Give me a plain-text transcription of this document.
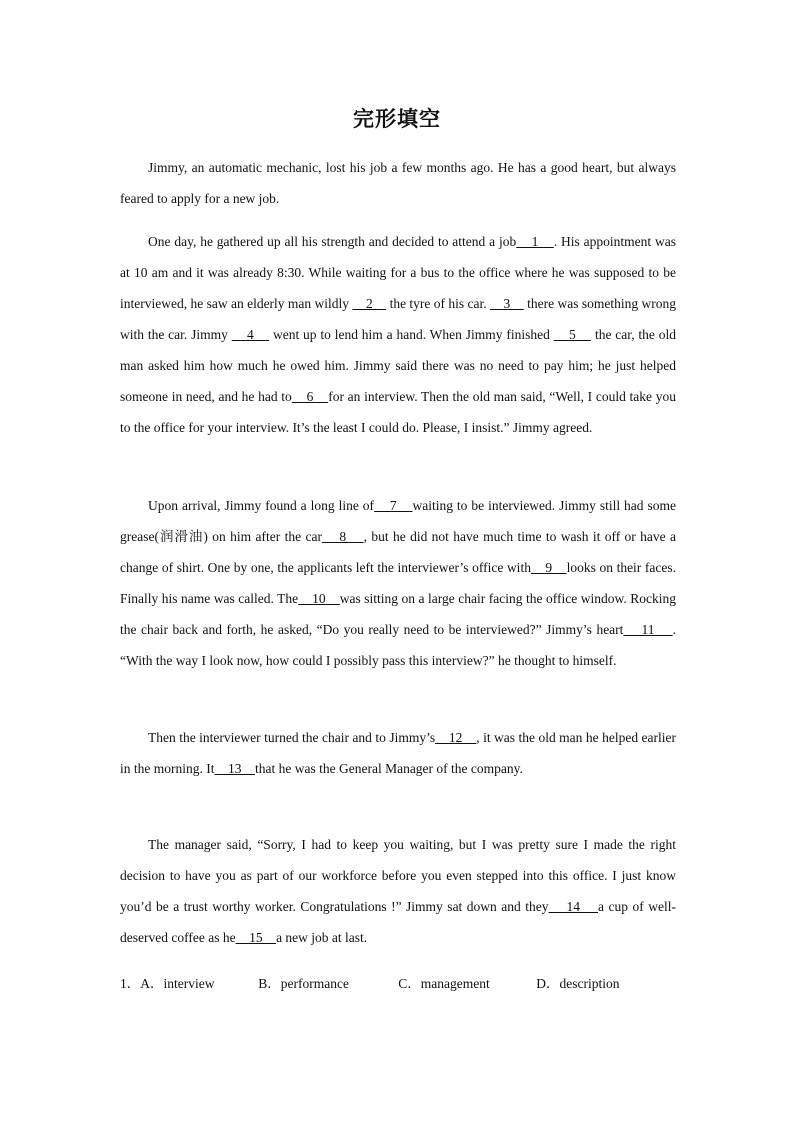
完形填空
Jimmy, an automatic mechanic, lost his job a few months ago. He has a good heart, but always feared to apply for a new job.
One day, he gathered up all his strength and decided to attend a job    1    . His appointment was at 10 am and it was already 8:30. While waiting for a bus to the office where he was supposed to be interviewed, he saw an elderly man wildly     2     the tyre of his car.     3     there was something wrong with the car. Jimmy     4     went up to lend him a hand. When Jimmy finished     5     the car, the old man asked him how much he owed him. Jimmy said there was no need to pay him; he just helped someone in need, and he had to    6    for an interview. Then the old man said, “Well, I could take you to the office for your interview. It’s the least I could do. Please, I insist.” Jimmy agreed.
Upon arrival, Jimmy found a long line of    7    waiting to be interviewed. Jimmy still had some grease(润滑油) on him after the car    8    , but he did not have much time to wash it off or have a change of shirt. One by one, the applicants left the interviewer’s office with    9    looks on their faces. Finally his name was called. The    10    was sitting on a large chair facing the office window. Rocking the chair back and forth, he asked, “Do you really need to be interviewed?” Jimmy’s heart    11    . “With the way I look now, how could I possibly pass this interview?” he thought to himself.
Then the interviewer turned the chair and to Jimmy’s    12    , it was the old man he helped earlier in the morning. It    13    that he was the General Manager of the company.
The manager said, “Sorry, I had to keep you waiting, but I was pretty sure I made the right decision to have you as part of our workforce before you even stepped into this office. I just know you’d be a trust worthy worker. Congratulations !” Jimmy sat down and they    14    a cup of well-deserved coffee as he    15    a new job at last.
1．A．interview	B．performance	C．management	D．description
